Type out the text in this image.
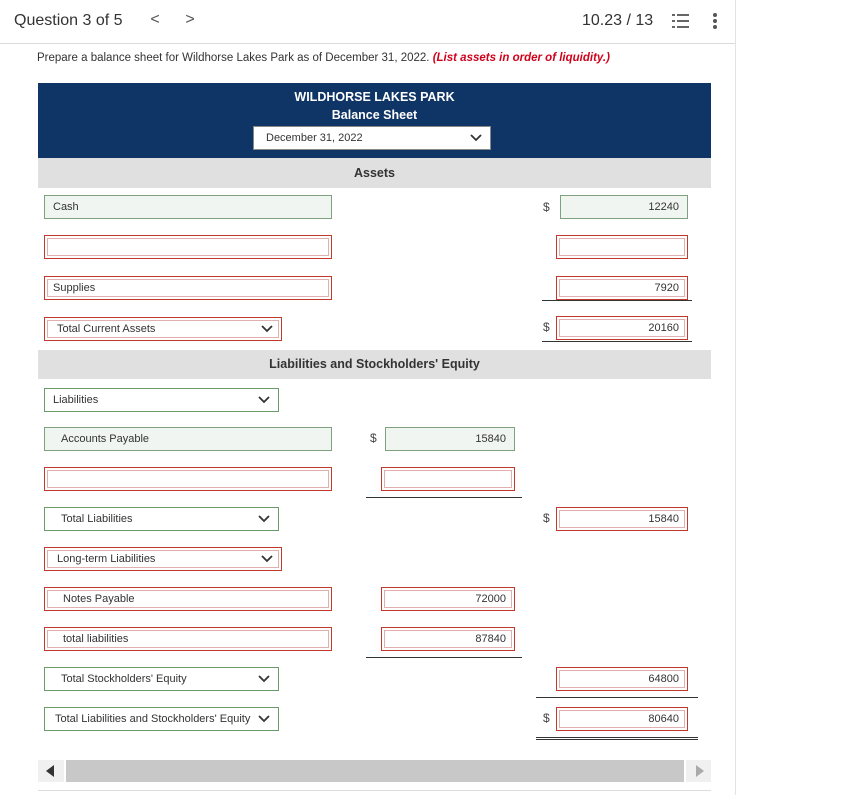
Question 3 of 5 < >	10.23 / 13
Prepare a balance sheet for Wildhorse Lakes Park as of December 31, 2022. (List assets in order of liquidity.)
WILDHORSE LAKES PARK
Balance Sheet
December 31, 2022
Assets
Cash	$	12240
Supplies	7920
Total Current Assets	$	20160
Liabilities and Stockholders' Equity
Liabilities
Accounts Payable	$	15840
Total Liabilities	$	15840
Long-term Liabilities
Notes Payable	72000
total liabilities	87840
Total Stockholders' Equity	64800
Total Liabilities and Stockholders' Equity	$	80640
